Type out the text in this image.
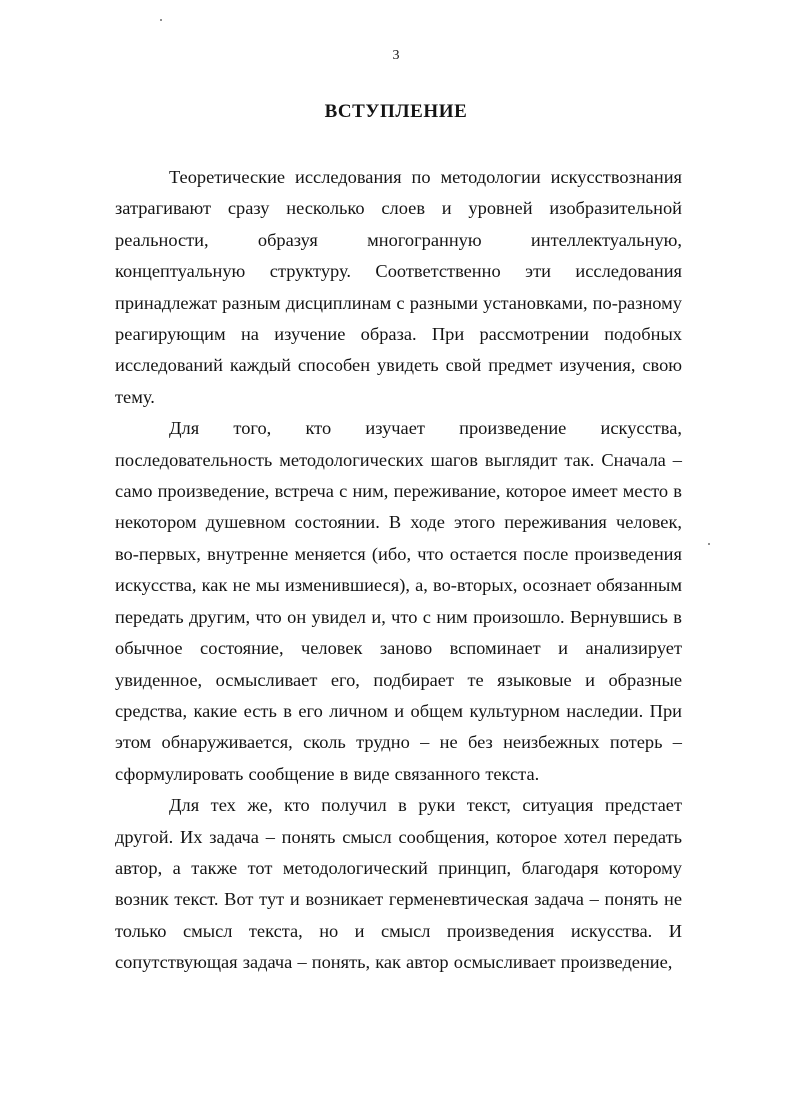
3
ВСТУПЛЕНИЕ

Теоретические исследования по методологии искусствознания затрагивают сразу несколько слоев и уровней изобразительной реальности, образуя многогранную интеллектуальную, концептуальную структуру. Соответственно эти исследования принадлежат разным дисциплинам с разными установками, по-разному реагирующим на изучение образа. При рассмотрении подобных исследований каждый способен увидеть свой предмет изучения, свою тему.

Для того, кто изучает произведение искусства, последовательность методологических шагов выглядит так. Сначала – само произведение, встреча с ним, переживание, которое имеет место в некотором душевном состоянии. В ходе этого переживания человек, во-первых, внутренне меняется (ибо, что остается после произведения искусства, как не мы изменившиеся), а, во-вторых, осознает обязанным передать другим, что он увидел и, что с ним произошло. Вернувшись в обычное состояние, человек заново вспоминает и анализирует увиденное, осмысливает его, подбирает те языковые и образные средства, какие есть в его личном и общем культурном наследии. При этом обнаруживается, сколь трудно – не без неизбежных потерь – сформулировать сообщение в виде связанного текста.

Для тех же, кто получил в руки текст, ситуация предстает другой. Их задача – понять смысл сообщения, которое хотел передать автор, а также тот методологический принцип, благодаря которому возник текст. Вот тут и возникает герменевтическая задача – понять не только смысл текста, но и смысл произведения искусства. И сопутствующая задача – понять, как автор осмысливает произведение,
